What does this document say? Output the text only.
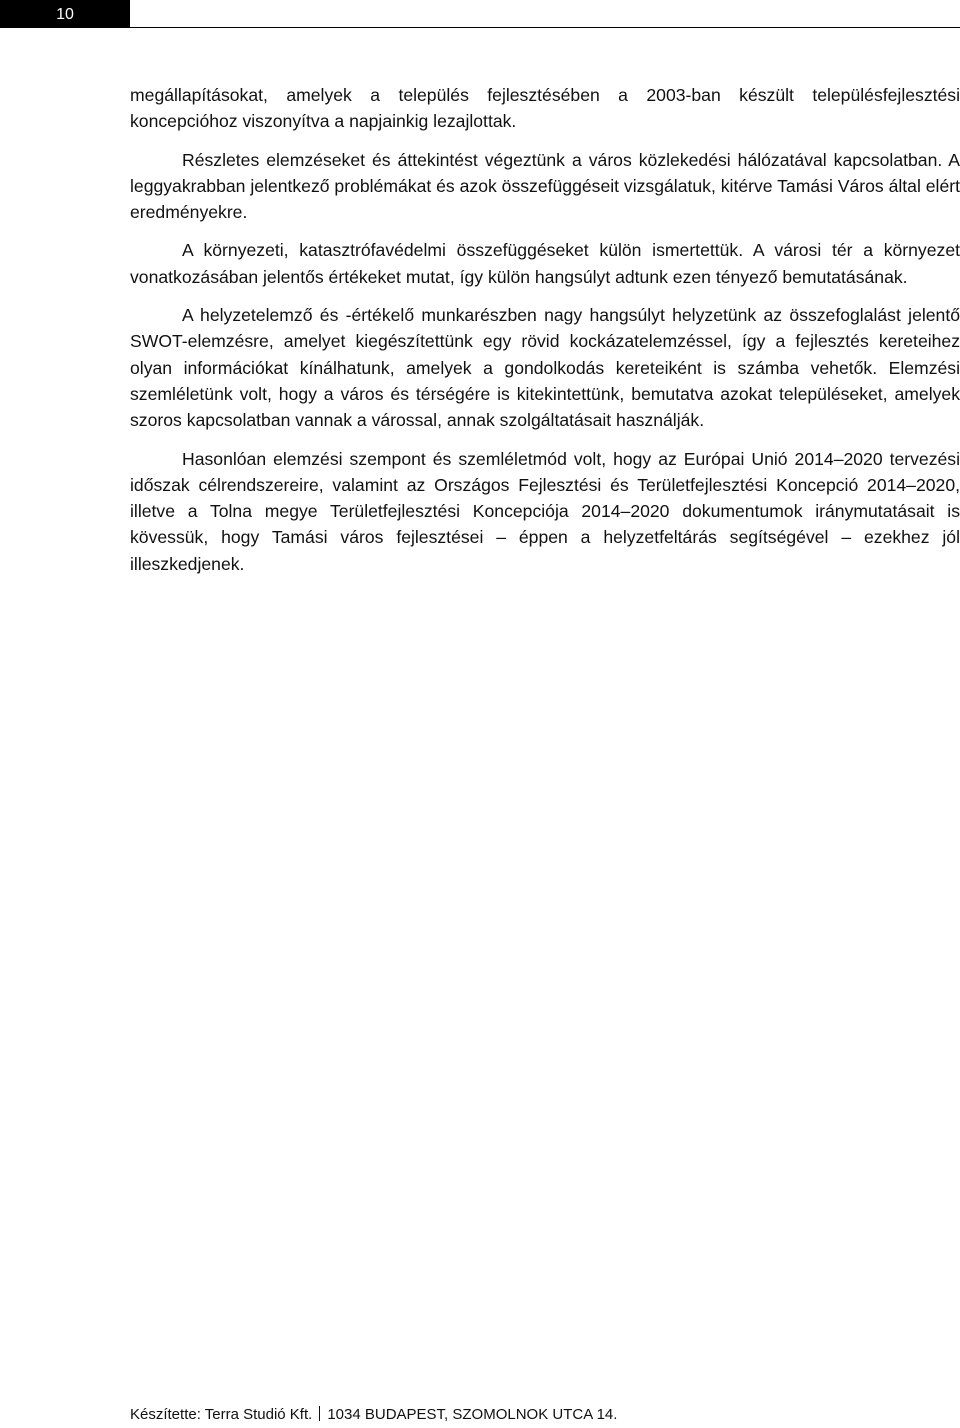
10

megállapításokat, amelyek a település fejlesztésében a 2003-ban készült településfejlesztési koncepcióhoz viszonyítva a napjainkig lezajlottak.

Részletes elemzéseket és áttekintést végeztünk a város közlekedési hálózatával kapcsolatban. A leggyakrabban jelentkező problémákat és azok összefüggéseit vizsgálatuk, kitérve Tamási Város által elért eredményekre.

A környezeti, katasztrófavédelmi összefüggéseket külön ismertettük. A városi tér a környezet vonatkozásában jelentős értékeket mutat, így külön hangsúlyt adtunk ezen tényező bemutatásának.

A helyzetelemző és -értékelő munkarészben nagy hangsúlyt helyzetünk az összefoglalást jelentő SWOT-elemzésre, amelyet kiegészítettünk egy rövid kockázatelemzéssel, így a fejlesztés kereteihez olyan információkat kínálhatunk, amelyek a gondolkodás kereteiként is számba vehetők. Elemzési szemléletünk volt, hogy a város és térségére is kitekintettünk, bemutatva azokat településeket, amelyek szoros kapcsolatban vannak a várossal, annak szolgáltatásait használják.

Hasonlóan elemzési szempont és szemléletmód volt, hogy az Európai Unió 2014–2020 tervezési időszak célrendszereire, valamint az Országos Fejlesztési és Területfejlesztési Koncepció 2014–2020, illetve a Tolna megye Területfejlesztési Koncepciója 2014–2020 dokumentumok iránymutatásait is kövessük, hogy Tamási város fejlesztései – éppen a helyzetfeltárás segítségével – ezekhez jól illeszkedjenek.

Készítette: Terra Studió Kft. 1034 BUDAPEST, SZOMOLNOK UTCA 14.
